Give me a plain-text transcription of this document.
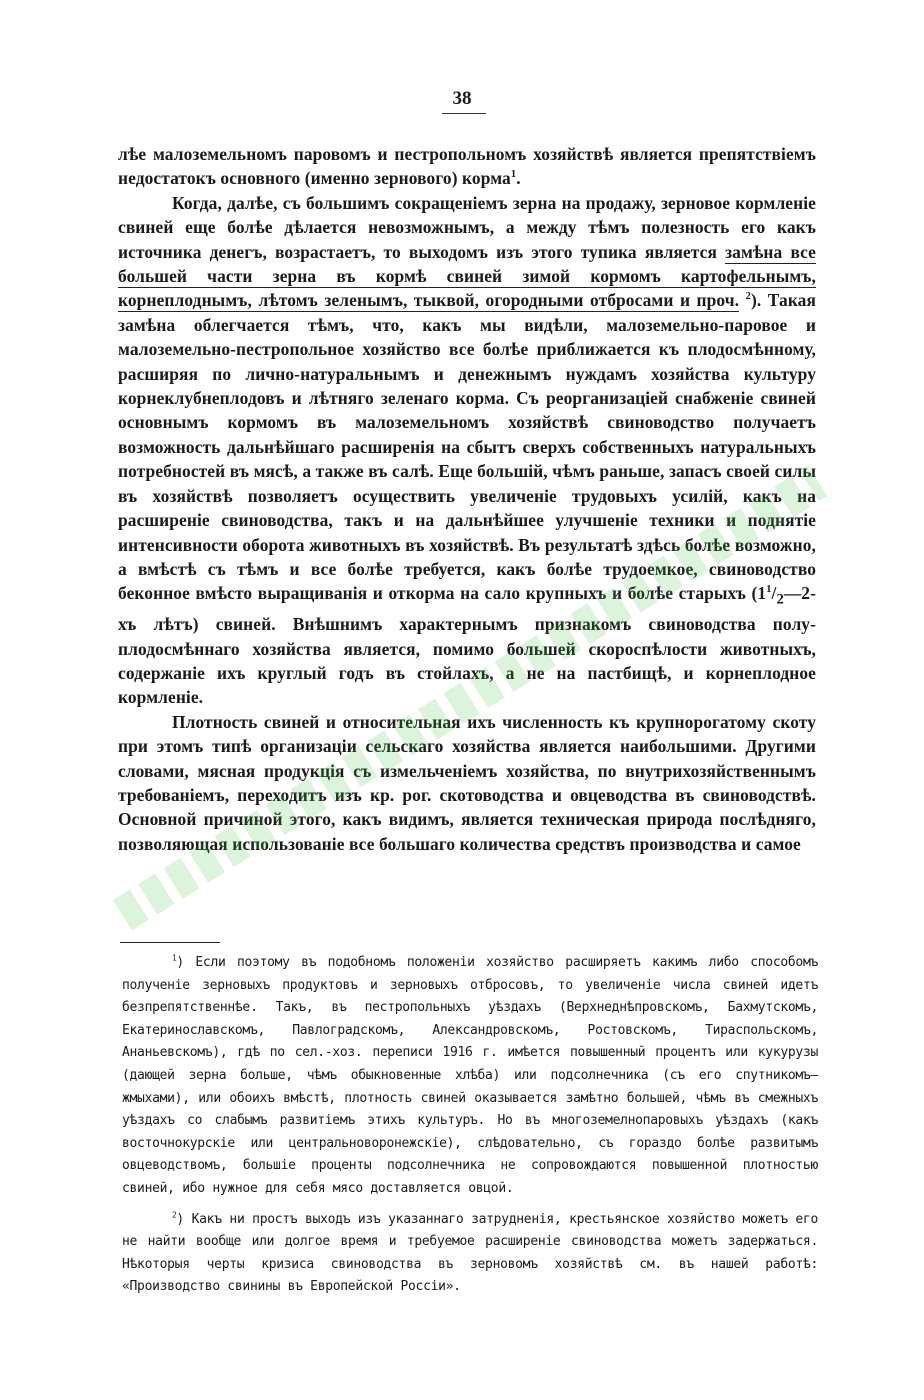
38

лѣе малоземельномъ паровомъ и пестропольномъ хозяйствѣ является препятствіемъ недостатокъ основного (именно зернового) корма$^1$.

Когда, далѣе, съ большимъ сокращеніемъ зерна на продажу, зерновое кормленіе свиней еще болѣе дѣлается невозможнымъ, а между тѣмъ полезность его какъ источника денегъ, возрастаетъ, то выходомъ изъ этого тупика является замѣна все большей части зерна въ кормѣ свиней зимой кормомъ картофельнымъ, корнеплоднымъ, лѣтомъ зеленымъ, тыквой, огородными отбросами и проч. $^2$). Такая замѣна облегчается тѣмъ, что, какъ мы видѣли, малоземельно-паровое и малоземельно-пестропольное хозяйство все болѣе приближается къ плодосмѣнному, расширяя по лично-натуральнымъ и денежнымъ нуждамъ хозяйства культуру корнеклубнеплодовъ и лѣтняго зеленаго корма. Съ реорганизаціей снабженіе свиней основнымъ кормомъ въ малоземельномъ хозяйствѣ свиноводство получаетъ возможность дальнѣйшаго расширенія на сбытъ сверхъ собственныхъ натуральныхъ потребностей въ мясѣ, а также въ салѣ. Еще большій, чѣмъ раньше, запасъ своей силы въ хозяйствѣ позволяетъ осуществить увеличеніе трудовыхъ усилій, какъ на расширеніе свиноводства, такъ и на дальнѣйшее улучшеніе техники и поднятіе интенсивности оборота животныхъ въ хозяйствѣ. Въ результатѣ здѣсь болѣе возможно, а вмѣстѣ съ тѣмъ и все болѣе требуется, какъ болѣе трудоемкое, свиноводство беконное вмѣсто выращиванія и откорма на сало крупныхъ и болѣе старыхъ ($1^1/_2—2-хъ$ лѣтъ) свиней. Внѣшнимъ характернымъ признакомъ свиноводства полу-плодосмѣннаго хозяйства является, помимо большей скороспѣлости животныхъ, содержаніе ихъ круглый годъ въ стойлахъ, а не на пастбищѣ, и корнеплодное кормленіе.

Плотность свиней и относительная ихъ численность къ крупнорогатому скоту при этомъ типѣ организаціи сельскаго хозяйства является наибольшими. Другими словами, мясная продукція съ измельченіемъ хозяйства, по внутрихозяйственнымъ требованіемъ, переходитъ изъ кр. рог. скотоводства и овцеводства въ свиноводствѣ. Основной причиной этого, какъ видимъ, является техническая природа послѣдняго, позволяющая использованіе все большаго количества средствъ производства и самое

$^1$) Если поэтому въ подобномъ положеніи хозяйство расширяетъ какимъ либо способомъ полученіе зерновыхъ продуктовъ и зерновыхъ отбросовъ, то увеличеніе числа свиней идетъ безпрепятственнѣе. Такъ, въ пестропольныхъ уѣздахъ (Верхнеднѣпровскомъ, Бахмутскомъ, Екатеринославскомъ, Павлоградскомъ, Александровскомъ, Ростовскомъ, Тираспольскомъ, Ананьевскомъ), гдѣ по сел.-хоз. переписи 1916 г. имѣется повышенный процентъ или кукурузы (дающей зерна больше, чѣмъ обыкновенные хлѣба) или подсолнечника (съ его спутникомъ—жмыхами), или обоихъ вмѣстѣ, плотность свиней оказывается замѣтно большей, чѣмъ въ смежныхъ уѣздахъ со слабымъ развитіемъ этихъ культуръ. Но въ многоземелнопаровыхъ уѣздахъ (какъ восточнокурскіе или центральноворонежскіе), слѣдовательно, съ гораздо болѣе развитымъ овцеводствомъ, большіе проценты подсолнечника не сопровождаются повышенной плотностью свиней, ибо нужное для себя мясо доставляется овцой.

$^2$) Какъ ни простъ выходъ изъ указаннаго затрудненія, крестьянское хозяйство можетъ его не найти вообще или долгое время и требуемое расширеніе свиноводства можетъ задержаться. Нѣкоторыя черты кризиса свиноводства въ зерновомъ хозяйствѣ см. въ нашей работѣ: «Производство свинины въ Европейской Россіи».
